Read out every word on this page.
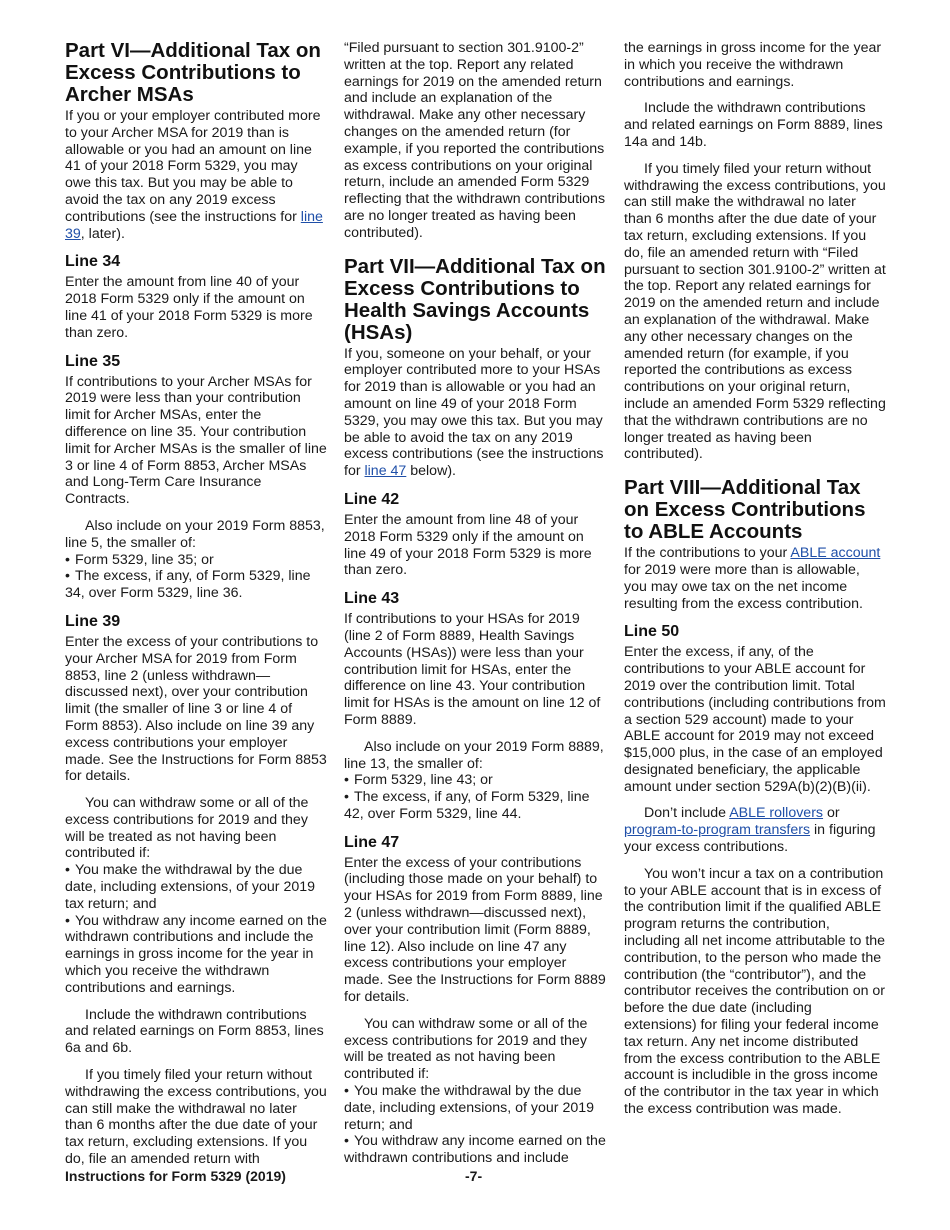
Part VI—Additional Tax on Excess Contributions to Archer MSAs

If you or your employer contributed more to your Archer MSA for 2019 than is allowable or you had an amount on line 41 of your 2018 Form 5329, you may owe this tax. But you may be able to avoid the tax on any 2019 excess contributions (see the instructions for line 39, later).

Line 34

Enter the amount from line 40 of your 2018 Form 5329 only if the amount on line 41 of your 2018 Form 5329 is more than zero.

Line 35

If contributions to your Archer MSAs for 2019 were less than your contribution limit for Archer MSAs, enter the difference on line 35. Your contribution limit for Archer MSAs is the smaller of line 3 or line 4 of Form 8853, Archer MSAs and Long-Term Care Insurance Contracts.

Also include on your 2019 Form 8853, line 5, the smaller of:

• Form 5329, line 35; or
• The excess, if any, of Form 5329, line 34, over Form 5329, line 36.
Line 39

Enter the excess of your contributions to your Archer MSA for 2019 from Form 8853, line 2 (unless withdrawn—discussed next), over your contribution limit (the smaller of line 3 or line 4 of Form 8853). Also include on line 39 any excess contributions your employer made. See the Instructions for Form 8853 for details.

You can withdraw some or all of the excess contributions for 2019 and they will be treated as not having been contributed if:

• You make the withdrawal by the due date, including extensions, of your 2019 tax return; and
• You withdraw any income earned on the withdrawn contributions and include the earnings in gross income for the year in which you receive the withdrawn contributions and earnings.

Include the withdrawn contributions and related earnings on Form 8853, lines 6a and 6b.

If you timely filed your return without withdrawing the excess contributions, you can still make the withdrawal no later than 6 months after the due date of your tax return, excluding extensions. If you do, file an amended return with

“Filed pursuant to section 301.9100-2” written at the top. Report any related earnings for 2019 on the amended return and include an explanation of the withdrawal. Make any other necessary changes on the amended return (for example, if you reported the contributions as excess contributions on your original return, include an amended Form 5329 reflecting that the withdrawn contributions are no longer treated as having been contributed).

Part VII—Additional Tax on Excess Contributions to Health Savings Accounts (HSAs)

If you, someone on your behalf, or your employer contributed more to your HSAs for 2019 than is allowable or you had an amount on line 49 of your 2018 Form 5329, you may owe this tax. But you may be able to avoid the tax on any 2019 excess contributions (see the instructions for line 47 below).

Line 42

Enter the amount from line 48 of your 2018 Form 5329 only if the amount on line 49 of your 2018 Form 5329 is more than zero.

Line 43

If contributions to your HSAs for 2019 (line 2 of Form 8889, Health Savings Accounts (HSAs)) were less than your contribution limit for HSAs, enter the difference on line 43. Your contribution limit for HSAs is the amount on line 12 of Form 8889.

Also include on your 2019 Form 8889, line 13, the smaller of:

• Form 5329, line 43; or
• The excess, if any, of Form 5329, line 42, over Form 5329, line 44.
Line 47

Enter the excess of your contributions (including those made on your behalf) to your HSAs for 2019 from Form 8889, line 2 (unless withdrawn—discussed next), over your contribution limit (Form 8889, line 12). Also include on line 47 any excess contributions your employer made. See the Instructions for Form 8889 for details.

You can withdraw some or all of the excess contributions for 2019 and they will be treated as not having been contributed if:

• You make the withdrawal by the due date, including extensions, of your 2019 return; and
• You withdraw any income earned on the withdrawn contributions and include

the earnings in gross income for the year in which you receive the withdrawn contributions and earnings.

Include the withdrawn contributions and related earnings on Form 8889, lines 14a and 14b.

If you timely filed your return without withdrawing the excess contributions, you can still make the withdrawal no later than 6 months after the due date of your tax return, excluding extensions. If you do, file an amended return with “Filed pursuant to section 301.9100-2” written at the top. Report any related earnings for 2019 on the amended return and include an explanation of the withdrawal. Make any other necessary changes on the amended return (for example, if you reported the contributions as excess contributions on your original return, include an amended Form 5329 reflecting that the withdrawn contributions are no longer treated as having been contributed).

Part VIII—Additional Tax on Excess Contributions to ABLE Accounts

If the contributions to your ABLE account for 2019 were more than is allowable, you may owe tax on the net income resulting from the excess contribution.

Line 50

Enter the excess, if any, of the contributions to your ABLE account for 2019 over the contribution limit. Total contributions (including contributions from a section 529 account) made to your ABLE account for 2019 may not exceed $15,000 plus, in the case of an employed designated beneficiary, the applicable amount under section 529A(b)(2)(B)(ii).

Don’t include ABLE rollovers or program-to-program transfers in figuring your excess contributions.

You won’t incur a tax on a contribution to your ABLE account that is in excess of the contribution limit if the qualified ABLE program returns the contribution, including all net income attributable to the contribution, to the person who made the contribution (the “contributor”), and the contributor receives the contribution on or before the due date (including extensions) for filing your federal income tax return. Any net income distributed from the excess contribution to the ABLE account is includible in the gross income of the contributor in the tax year in which the excess contribution was made.

Instructions for Form 5329 (2019)	-7-
